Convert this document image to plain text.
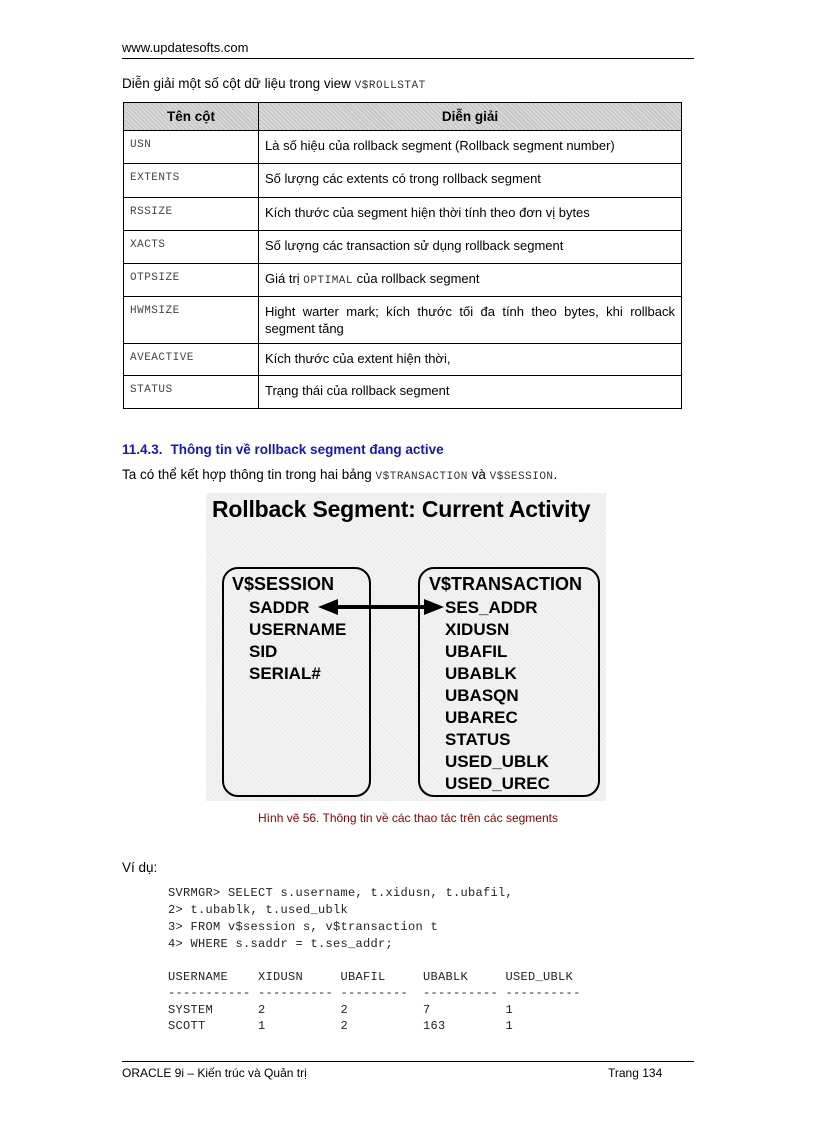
www.updatesofts.com
Diễn giải một số cột dữ liệu trong view V$ROLLSTAT
Tên cột	Diễn giải
USN	Là số hiệu của rollback segment (Rollback segment number)
EXTENTS	Số lượng các extents có trong rollback segment
RSSIZE	Kích thước của segment hiện thời tính theo đơn vị bytes
XACTS	Số lượng các transaction sử dụng rollback segment
OTPSIZE	Giá trị OPTIMAL của rollback segment
HWMSIZE	Hight warter mark; kích thước tối đa tính theo bytes, khi rollback segment tăng
AVEACTIVE	Kích thước của extent hiện thời,
STATUS	Trạng thái của rollback segment
11.4.3. Thông tin về rollback segment đang active
Ta có thể kết hợp thông tin trong hai bảng V$TRANSACTION và V$SESSION.
Rollback Segment: Current Activity
V$SESSION
SADDR
USERNAME
SID
SERIAL#
V$TRANSACTION
SES_ADDR
XIDUSN
UBAFIL
UBABLK
UBASQN
UBAREC
STATUS
USED_UBLK
USED_UREC
Hình vẽ 56. Thông tin về các thao tác trên các segments
Ví dụ:
SVRMGR> SELECT s.username, t.xidusn, t.ubafil,
2> t.ubablk, t.used_ublk
3> FROM v$session s, v$transaction t
4> WHERE s.saddr = t.ses_addr;
USERNAME    XIDUSN     UBAFIL     UBABLK     USED_UBLK
----------- ---------- ---------  ---------- ----------
SYSTEM      2          2          7          1
SCOTT       1          2          163        1
ORACLE 9i – Kiến trúc và Quản trị	Trang 134
